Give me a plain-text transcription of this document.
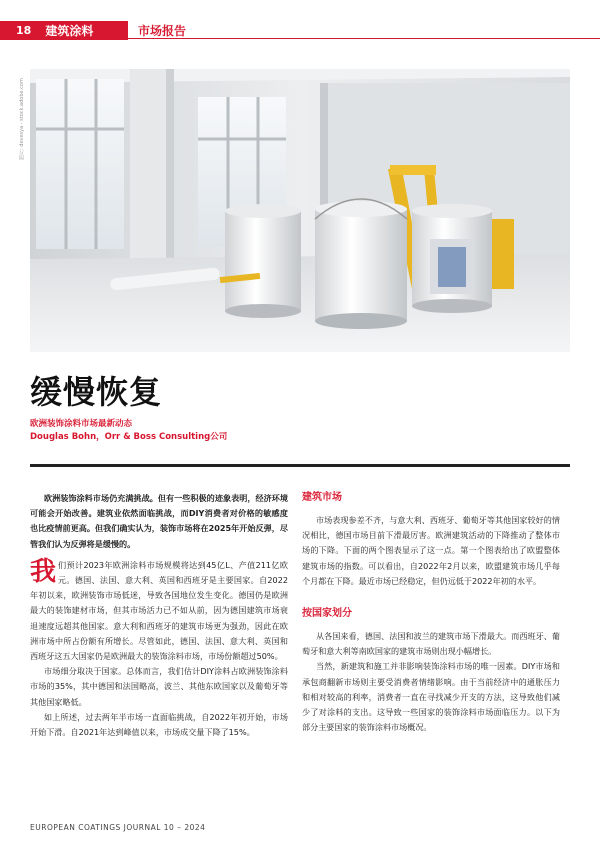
18 建筑涂料	市场报告
图片: devesya - stock.adobe.com
缓慢恢复
欧洲装饰涂料市场最新动态
Douglas Bohn，Orr & Boss Consulting公司

欧洲装饰涂料市场仍充满挑战。但有一些积极的迹象表明，经济环境可能会开始改善。建筑业依然面临挑战，而DIY消费者对价格的敏感度也比疫情前更高。但我们确实认为，装饰市场将在2025年开始反弹，尽管我们认为反弹将是缓慢的。

我们预计2023年欧洲涂料市场规模将达到45亿L、产值211亿欧元。德国、法国、意大利、英国和西班牙是主要国家。自2022年初以来，欧洲装饰市场低迷，导致各国地位发生变化。德国仍是欧洲最大的装饰建材市场，但其市场活力已不如从前，因为德国建筑市场衰退速度远超其他国家。意大利和西班牙的建筑市场更为强劲，因此在欧洲市场中所占份额有所增长。尽管如此，德国、法国、意大利、英国和西班牙这五大国家仍是欧洲最大的装饰涂料市场，市场份额超过50%。

市场细分取决于国家。总体而言，我们估计DIY涂料占欧洲装饰涂料市场的35%，其中德国和法国略高，波兰、其他东欧国家以及葡萄牙等其他国家略低。

如上所述，过去两年半市场一直面临挑战，自2022年初开始，市场开始下滑。自2021年达到峰值以来，市场成交量下降了15%。

建筑市场

市场表现参差不齐，与意大利、西班牙、葡萄牙等其他国家较好的情况相比，德国市场目前下滑最厉害。欧洲建筑活动的下降推动了整体市场的下降。下面的两个图表显示了这一点。第一个图表给出了欧盟整体建筑市场的指数。可以看出，自2022年2月以来，欧盟建筑市场几乎每个月都在下降。最近市场已经稳定，但仍远低于2022年初的水平。

按国家划分

从各国来看，德国、法国和波兰的建筑市场下滑最大。而西班牙、葡萄牙和意大利等南欧国家的建筑市场则出现小幅增长。

当然，新建筑和施工并非影响装饰涂料市场的唯一因素。DIY市场和承包商翻新市场则主要受消费者情绪影响。由于当前经济中的通胀压力和相对较高的利率，消费者一直在寻找减少开支的方法，这导致他们减少了对涂料的支出。这导致一些国家的装饰涂料市场面临压力。以下为部分主要国家的装饰涂料市场概况。

EUROPEAN COATINGS JOURNAL 10 – 2024
